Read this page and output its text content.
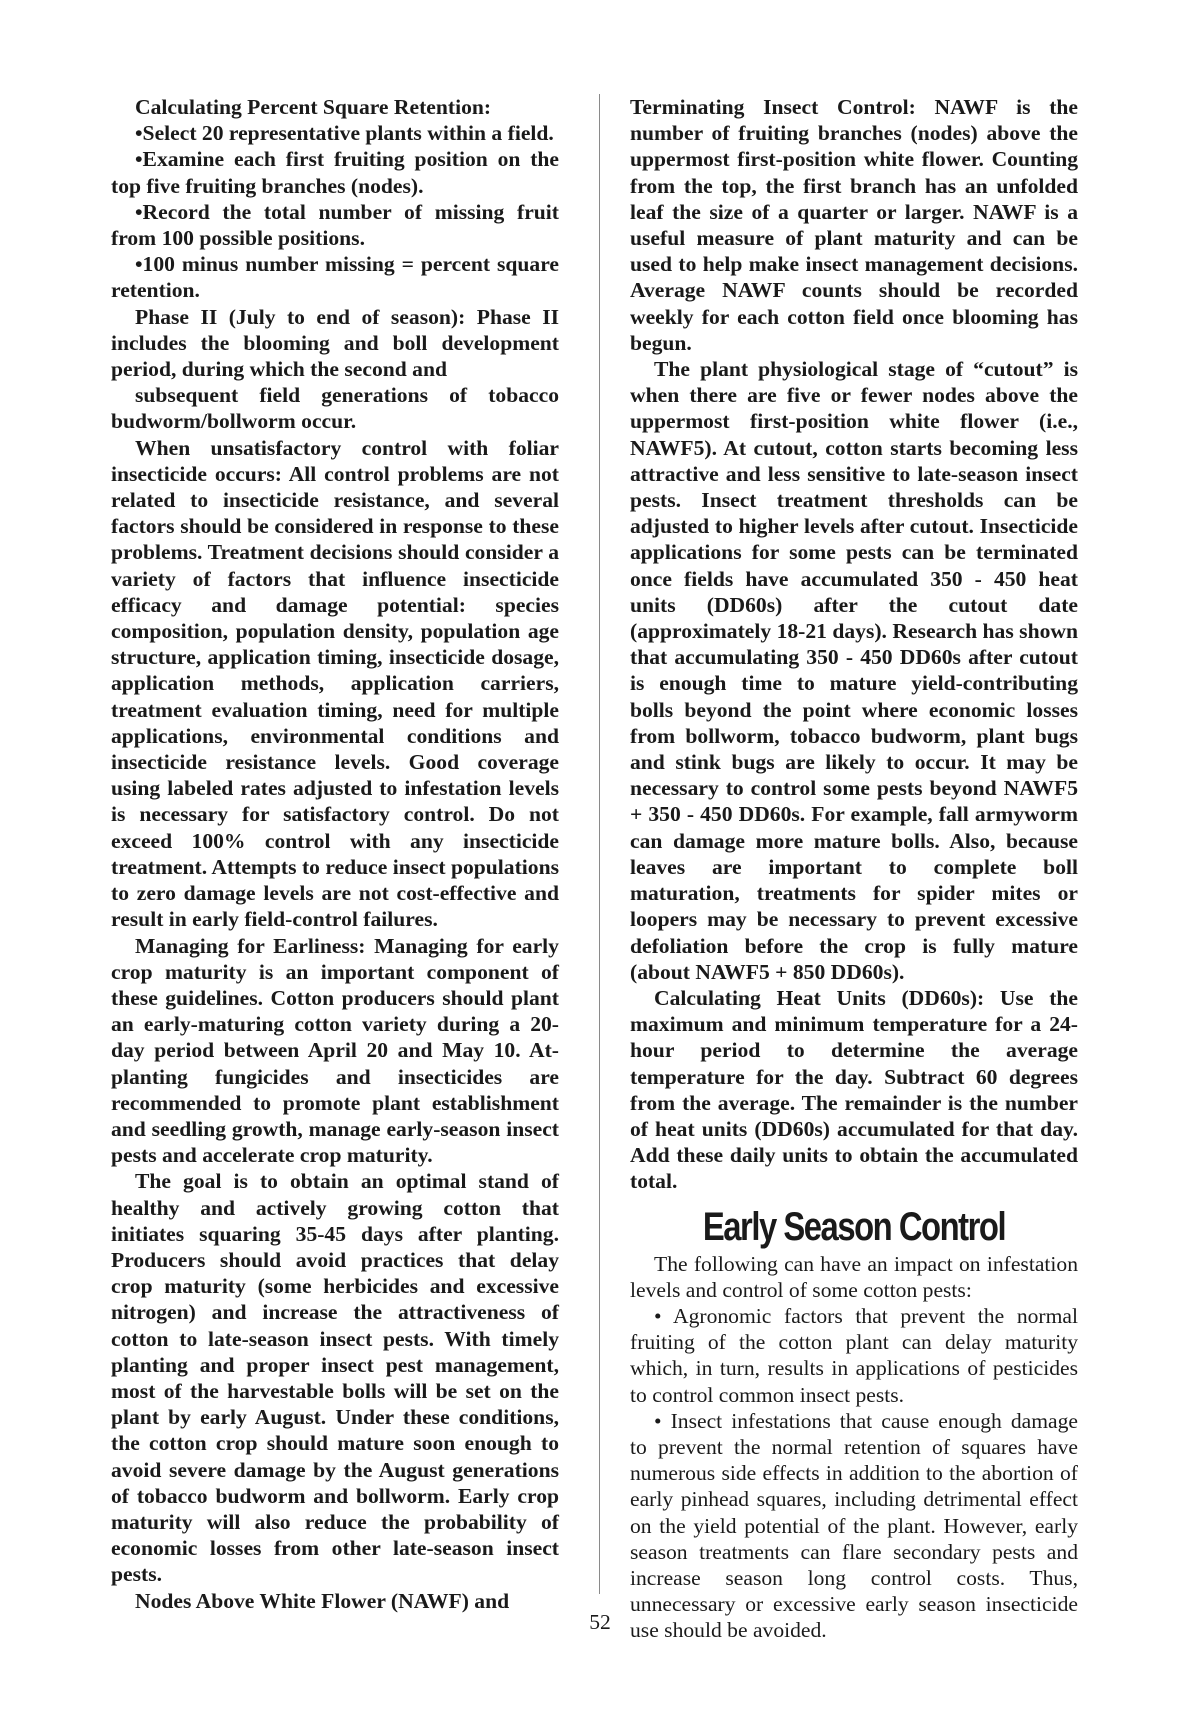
Calculating Percent Square Retention:

•Select 20 representative plants within a field.

•Examine each first fruiting position on the top five fruiting branches (nodes).

•Record the total number of missing fruit from 100 possible positions.

•100 minus number missing = percent square retention.

Phase II (July to end of season): Phase II includes the blooming and boll development period, during which the second and

subsequent field generations of tobacco budworm/bollworm occur.

When unsatisfactory control with foliar insecticide occurs: All control problems are not related to insecticide resistance, and several factors should be considered in response to these problems. Treatment decisions should consider a variety of factors that influence insecticide efficacy and damage potential: species composition, population density, population age structure, application timing, insecticide dosage, application methods, application carriers, treatment evaluation timing, need for multiple applications, environmental conditions and insecticide resistance levels. Good coverage using labeled rates adjusted to infestation levels is necessary for satisfactory control. Do not exceed 100% control with any insecticide treatment. Attempts to reduce insect populations to zero damage levels are not cost-effective and result in early field-control failures.

Managing for Earliness: Managing for early crop maturity is an important component of these guidelines. Cotton producers should plant an early-maturing cotton variety during a 20-day period between April 20 and May 10. At-planting fungicides and insecticides are recommended to promote plant establishment and seedling growth, manage early-season insect pests and accelerate crop maturity.

The goal is to obtain an optimal stand of healthy and actively growing cotton that initiates squaring 35-45 days after planting. Producers should avoid practices that delay crop maturity (some herbicides and excessive nitrogen) and increase the attractiveness of cotton to late-season insect pests. With timely planting and proper insect pest management, most of the harvestable bolls will be set on the plant by early August. Under these conditions, the cotton crop should mature soon enough to avoid severe damage by the August generations of tobacco budworm and bollworm. Early crop maturity will also reduce the probability of economic losses from other late-season insect pests.

Nodes Above White Flower (NAWF) and

Terminating Insect Control: NAWF is the number of fruiting branches (nodes) above the uppermost first-position white flower. Counting from the top, the first branch has an unfolded leaf the size of a quarter or larger. NAWF is a useful measure of plant maturity and can be used to help make insect management decisions. Average NAWF counts should be recorded weekly for each cotton field once blooming has begun.

The plant physiological stage of “cutout” is when there are five or fewer nodes above the uppermost first-position white flower (i.e., NAWF5). At cutout, cotton starts becoming less attractive and less sensitive to late-season insect pests. Insect treatment thresholds can be adjusted to higher levels after cutout. Insecticide applications for some pests can be terminated once fields have accumulated 350 - 450 heat units (DD60s) after the cutout date (approximately 18-21 days). Research has shown that accumulating 350 - 450 DD60s after cutout is enough time to mature yield-contributing bolls beyond the point where economic losses from bollworm, tobacco budworm, plant bugs and stink bugs are likely to occur. It may be necessary to control some pests beyond NAWF5 + 350 - 450 DD60s. For example, fall armyworm can damage more mature bolls. Also, because leaves are important to complete boll maturation, treatments for spider mites or loopers may be necessary to prevent excessive defoliation before the crop is fully mature (about NAWF5 + 850 DD60s).

Calculating Heat Units (DD60s): Use the maximum and minimum temperature for a 24-hour period to determine the average temperature for the day. Subtract 60 degrees from the average. The remainder is the number of heat units (DD60s) accumulated for that day. Add these daily units to obtain the accumulated total.

Early Season Control

The following can have an impact on infestation levels and control of some cotton pests:

• Agronomic factors that prevent the normal fruiting of the cotton plant can delay maturity which, in turn, results in applications of pesticides to control common insect pests.

• Insect infestations that cause enough damage to prevent the normal retention of squares have numerous side effects in addition to the abortion of early pinhead squares, including detrimental effect on the yield potential of the plant. However, early season treatments can flare secondary pests and increase season long control costs. Thus, unnecessary or excessive early season insecticide use should be avoided.

52
